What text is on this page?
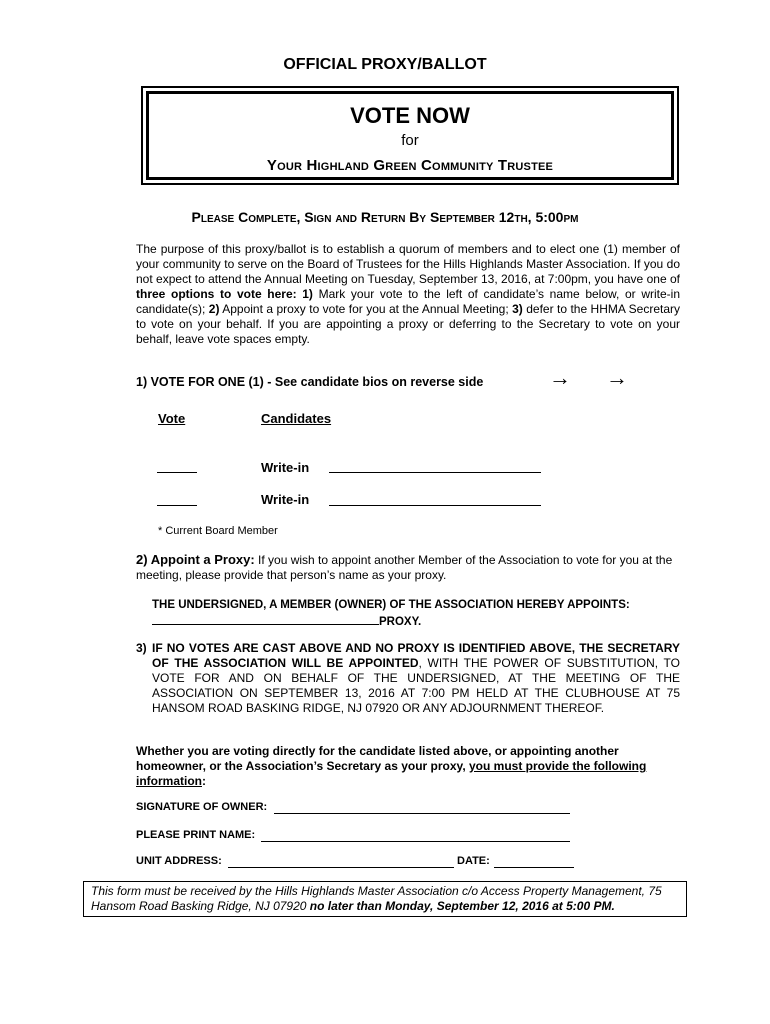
OFFICIAL PROXY/BALLOT
VOTE NOW
for
Your Highland Green Community Trustee
Please Complete, Sign and Return By September 12th, 5:00pm
The purpose of this proxy/ballot is to establish a quorum of members and to elect one (1) member of your community to serve on the Board of Trustees for the Hills Highlands Master Association. If you do not expect to attend the Annual Meeting on Tuesday, September 13, 2016, at 7:00pm, you have one of three options to vote here: 1) Mark your vote to the left of candidate’s name below, or write-in candidate(s); 2) Appoint a proxy to vote for you at the Annual Meeting; 3) defer to the HHMA Secretary to vote on your behalf. If you are appointing a proxy or deferring to the Secretary to vote on your behalf, leave vote spaces empty.
1) VOTE FOR ONE (1) - See candidate bios on reverse side	→ →
Vote	Candidates
Write-in
Write-in
* Current Board Member
2) Appoint a Proxy: If you wish to appoint another Member of the Association to vote for you at the meeting, please provide that person’s name as your proxy.
THE UNDERSIGNED, A MEMBER (OWNER) OF THE ASSOCIATION HEREBY APPOINTS:
PROXY.
3) IF NO VOTES ARE CAST ABOVE AND NO PROXY IS IDENTIFIED ABOVE, THE SECRETARY OF THE ASSOCIATION WILL BE APPOINTED, WITH THE POWER OF SUBSTITUTION, TO VOTE FOR AND ON BEHALF OF THE UNDERSIGNED, AT THE MEETING OF THE ASSOCIATION ON SEPTEMBER 13, 2016 AT 7:00 PM HELD AT THE CLUBHOUSE AT 75 HANSOM ROAD BASKING RIDGE, NJ 07920 OR ANY ADJOURNMENT THEREOF.
Whether you are voting directly for the candidate listed above, or appointing another homeowner, or the Association’s Secretary as your proxy, you must provide the following information:
SIGNATURE OF OWNER:
PLEASE PRINT NAME:
UNIT ADDRESS:	DATE:
This form must be received by the Hills Highlands Master Association c/o Access Property Management, 75 Hansom Road Basking Ridge, NJ 07920 no later than Monday, September 12, 2016 at 5:00 PM.
